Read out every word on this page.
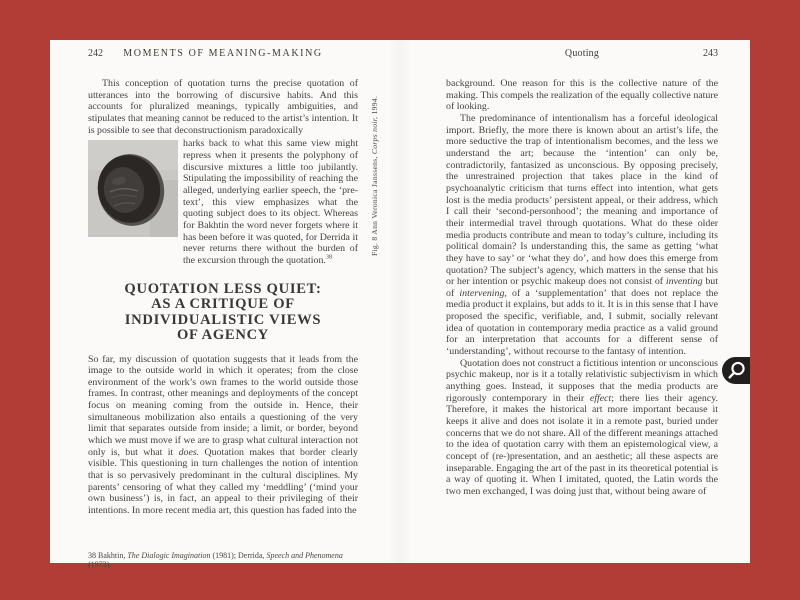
242	MOMENTS OF MEANING-MAKING

This conception of quotation turns the precise quotation of utterances into the borrowing of discursive habits. And this accounts for pluralized meanings, typically ambiguities, and stipulates that meaning cannot be reduced to the artist’s intention. It is possible to see that deconstructionism paradoxically

harks back to what this same view might repress when it presents the polyphony of discursive mixtures a little too jubilantly. Stipulating the impossibility of reaching the alleged, underlying earlier speech, the ‘pre-text’, this view emphasizes what the quoting subject does to its object. Whereas for Bakhtin the word never forgets where it has been before it was quoted, for Derrida it never returns there without the burden of the excursion through the quotation.$^{38}$

Fig. 8 Ann Veronica Janssens, Corps noir, 1994.
QUOTATION LESS QUIET:
AS A CRITIQUE OF
INDIVIDUALISTIC VIEWS
OF AGENCY

So far, my discussion of quotation suggests that it leads from the image to the outside world in which it operates; from the close environment of the work’s own frames to the world outside those frames. In contrast, other meanings and deployments of the concept focus on meaning coming from the outside in. Hence, their simultaneous mobilization also entails a questioning of the very limit that separates outside from inside; a limit, or border, beyond which we must move if we are to grasp what cultural interaction not only is, but what it does. Quotation makes that border clearly visible. This questioning in turn challenges the notion of intention that is so pervasively predominant in the cultural disciplines. My parents’ censoring of what they called my ‘meddling’ (‘mind your own business’) is, in fact, an appeal to their privileging of their intentions. In more recent media art, this question has faded into the

38 Bakhtin, The Dialogic Imagination (1981); Derrida, Speech and Phenomena (1973).
Quoting	243

background. One reason for this is the collective nature of the making. This compels the realization of the equally collective nature of looking.

The predominance of intentionalism has a forceful ideological import. Briefly, the more there is known about an artist’s life, the more seductive the trap of intentionalism becomes, and the less we understand the art; because the ‘intention’ can only be, contradictorily, fantasized as unconscious. By opposing precisely, the unrestrained projection that takes place in the kind of psychoanalytic criticism that turns effect into intention, what gets lost is the media products’ persistent appeal, or their address, which I call their ‘second-personhood’; the meaning and importance of their intermedial travel through quotations. What do these older media products contribute and mean to today’s culture, including its political domain? Is understanding this, the same as getting ‘what they have to say’ or ‘what they do’, and how does this emerge from quotation? The subject’s agency, which matters in the sense that his or her intention or psychic makeup does not consist of inventing but of intervening, of a ‘supplementation’ that does not replace the media product it explains, but adds to it. It is in this sense that I have proposed the specific, verifiable, and, I submit, socially relevant idea of quotation in contemporary media practice as a valid ground for an interpretation that accounts for a different sense of ‘understanding’, without recourse to the fantasy of intention.

Quotation does not construct a fictitious intention or unconscious psychic makeup, nor is it a totally relativistic subjectivism in which anything goes. Instead, it supposes that the media products are rigorously contemporary in their effect; there lies their agency. Therefore, it makes the historical art more important because it keeps it alive and does not isolate it in a remote past, buried under concerns that we do not share. All of the different meanings attached to the idea of quotation carry with them an epistemological view, a concept of (re-)presentation, and an aesthetic; all these aspects are inseparable. Engaging the art of the past in its theoretical potential is a way of quoting it. When I imitated, quoted, the Latin words the two men exchanged, I was doing just that, without being aware of
